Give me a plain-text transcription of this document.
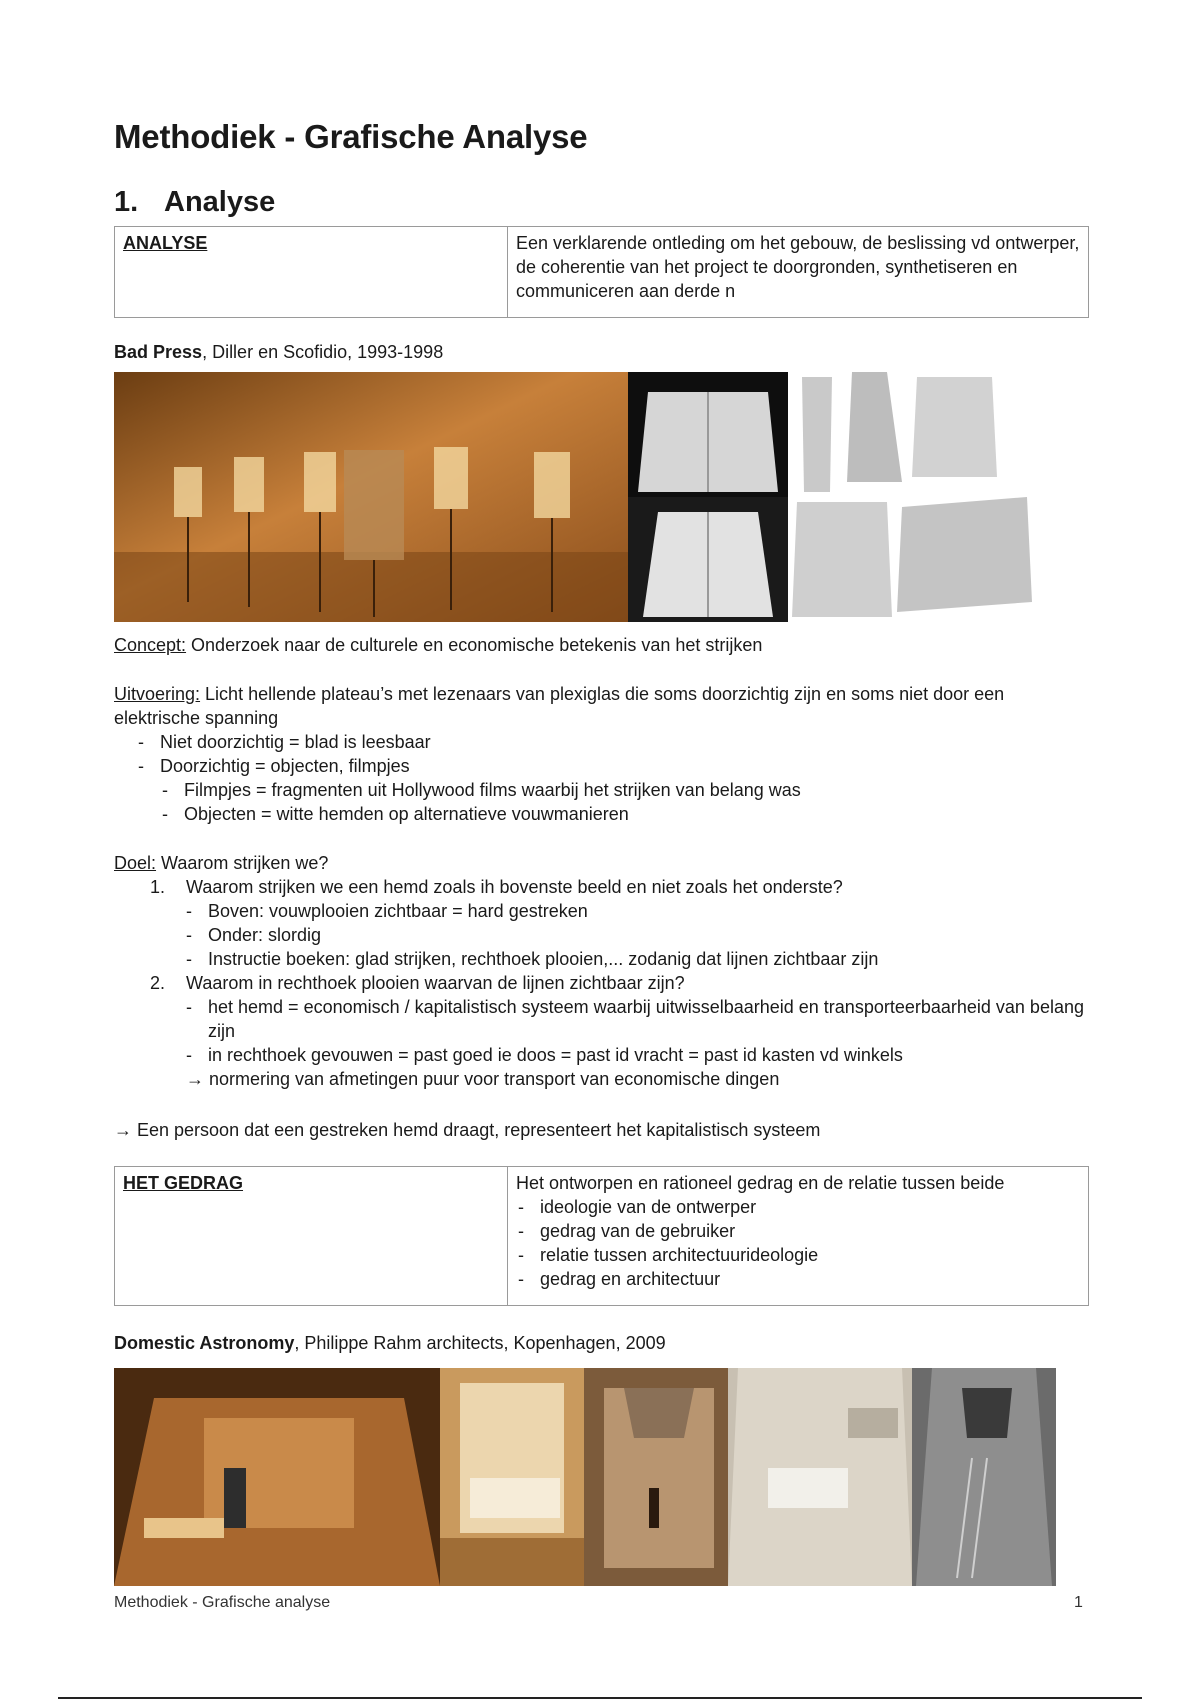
Methodiek - Grafische Analyse
1. Analyse
ANALYSE	Een verklarende ontleding om het gebouw, de beslissing vd ontwerper, de coherentie van het project te doorgronden, synthetiseren en communiceren aan derde n
Bad Press, Diller en Scofidio, 1993-1998
Concept: Onderzoek naar de culturele en economische betekenis van het strijken
Uitvoering: Licht hellende plateau’s met lezenaars van plexiglas die soms doorzichtig zijn en soms niet door een elektrische spanning
- Niet doorzichtig = blad is leesbaar
- Doorzichtig = objecten, filmpjes
- Filmpjes = fragmenten uit Hollywood films waarbij het strijken van belang was
- Objecten = witte hemden op alternatieve vouwmanieren
Doel: Waarom strijken we?
1. Waarom strijken we een hemd zoals ih bovenste beeld en niet zoals het onderste?
- Boven: vouwplooien zichtbaar = hard gestreken
- Onder: slordig
- Instructie boeken: glad strijken, rechthoek plooien,... zodanig dat lijnen zichtbaar zijn
2. Waarom in rechthoek plooien waarvan de lijnen zichtbaar zijn?
- het hemd = economisch / kapitalistisch systeem waarbij uitwisselbaarheid en transporteerbaarheid van belang zijn
- in rechthoek gevouwen = past goed ie doos = past id vracht = past id kasten vd winkels
→ normering van afmetingen puur voor transport van economische dingen
→ Een persoon dat een gestreken hemd draagt, representeert het kapitalistisch systeem
HET GEDRAG	Het ontworpen en rationeel gedrag en de relatie tussen beide
- ideologie van de ontwerper
- gedrag van de gebruiker
- relatie tussen architectuurideologie
- gedrag en architectuur
Domestic Astronomy, Philippe Rahm architects, Kopenhagen, 2009
Methodiek - Grafische analyse	1
